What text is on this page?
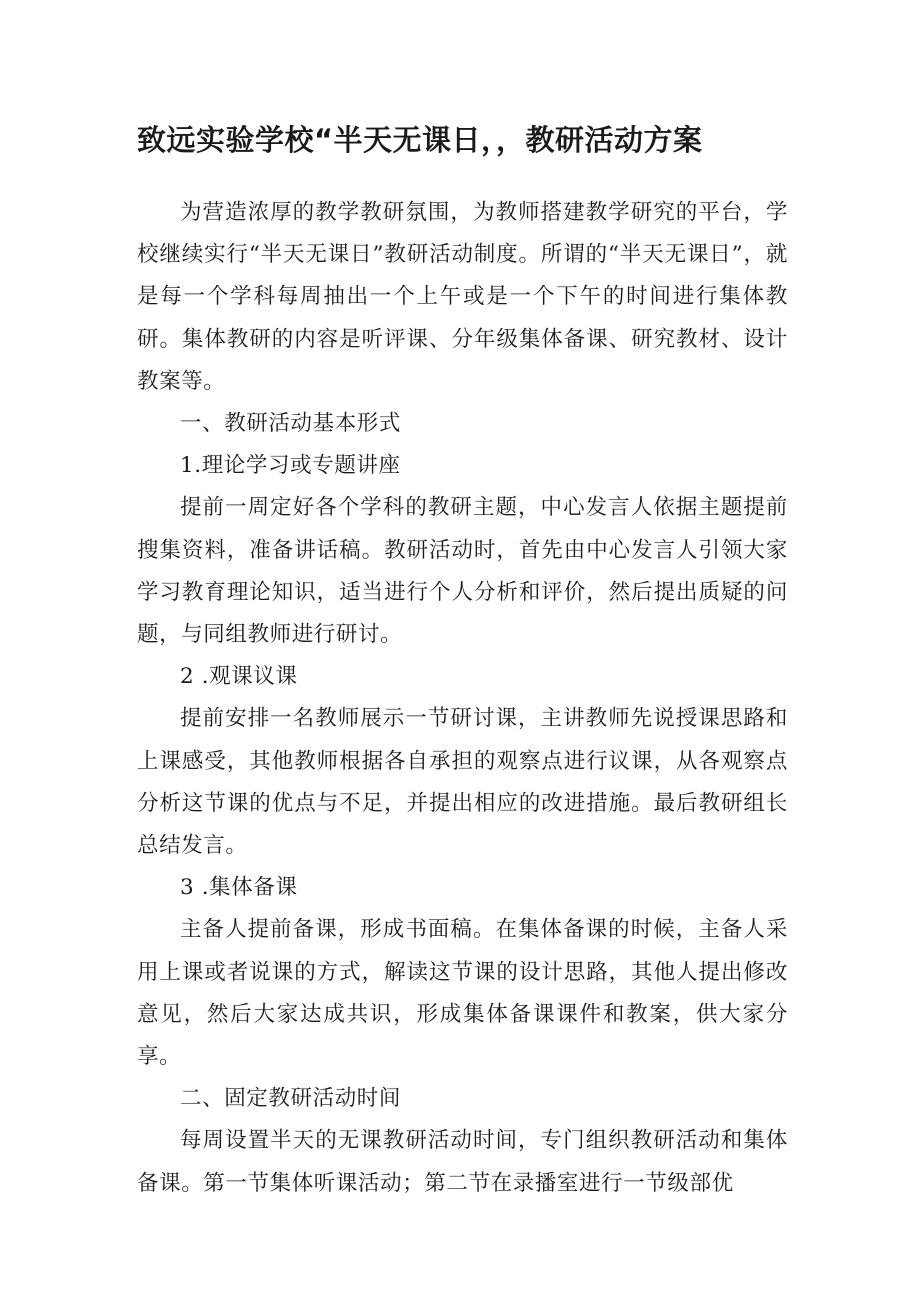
致远实验学校“半天无课日，，教研活动方案

为营造浓厚的教学教研氛围，为教师搭建教学研究的平台，学校继续实行“半天无课日”教研活动制度。所谓的“半天无课日”，就是每一个学科每周抽出一个上午或是一个下午的时间进行集体教研。集体教研的内容是听评课、分年级集体备课、研究教材、设计教案等。

一、教研活动基本形式

1.理论学习或专题讲座

提前一周定好各个学科的教研主题，中心发言人依据主题提前搜集资料，准备讲话稿。教研活动时，首先由中心发言人引领大家学习教育理论知识，适当进行个人分析和评价，然后提出质疑的问题，与同组教师进行研讨。

2 .观课议课

提前安排一名教师展示一节研讨课，主讲教师先说授课思路和上课感受，其他教师根据各自承担的观察点进行议课，从各观察点分析这节课的优点与不足，并提出相应的改进措施。最后教研组长总结发言。

3 .集体备课

主备人提前备课，形成书面稿。在集体备课的时候，主备人采用上课或者说课的方式，解读这节课的设计思路，其他人提出修改意见，然后大家达成共识，形成集体备课课件和教案，供大家分享。

二、固定教研活动时间

每周设置半天的无课教研活动时间，专门组织教研活动和集体备课。第一节集体听课活动；第二节在录播室进行一节级部优
